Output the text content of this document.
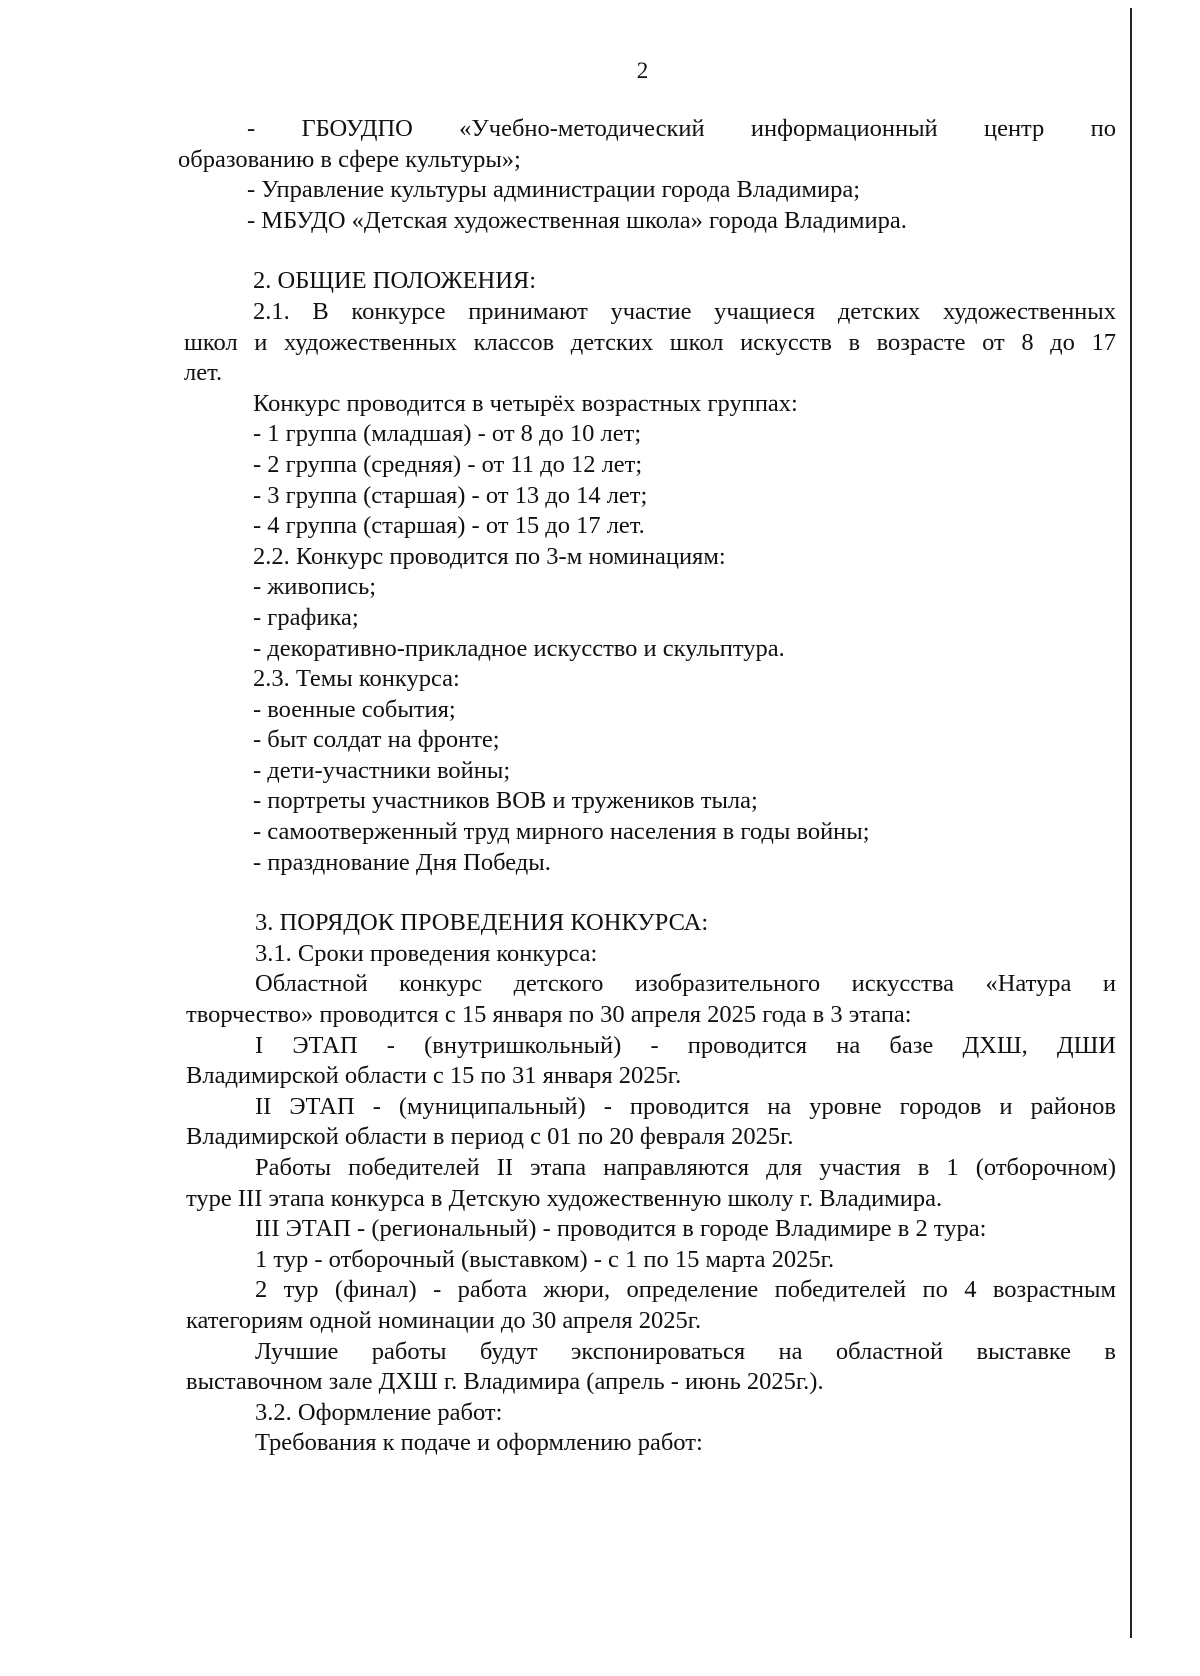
2

- ГБОУДПО «Учебно-методический информационный центр по

образованию в сфере культуры»;

- Управление культуры администрации города Владимира;

- МБУДО «Детская художественная школа» города Владимира.

2. ОБЩИЕ ПОЛОЖЕНИЯ:

2.1. В конкурсе принимают участие учащиеся детских художественных

школ и художественных классов детских школ искусств в возрасте от 8 до 17

лет.

Конкурс проводится в четырёх возрастных группах:

- 1 группа (младшая) - от 8 до 10 лет;

- 2 группа (средняя) - от 11 до 12 лет;

- 3 группа (старшая) - от 13 до 14 лет;

- 4 группа (старшая) - от 15 до 17 лет.

2.2. Конкурс проводится по 3-м номинациям:

- живопись;

- графика;

- декоративно-прикладное искусство и скульптура.

2.3. Темы конкурса:

- военные события;

- быт солдат на фронте;

- дети-участники войны;

- портреты участников ВОВ и тружеников тыла;

- самоотверженный труд мирного населения в годы войны;

- празднование Дня Победы.

3. ПОРЯДОК ПРОВЕДЕНИЯ КОНКУРСА:

3.1. Сроки проведения конкурса:

Областной конкурс детского изобразительного искусства «Натура и

творчество» проводится с 15 января по 30 апреля 2025 года в 3 этапа:

I ЭТАП - (внутришкольный) - проводится на базе ДХШ, ДШИ

Владимирской области с 15 по 31 января 2025г.

II ЭТАП - (муниципальный) - проводится на уровне городов и районов

Владимирской области в период с 01 по 20 февраля 2025г.

Работы победителей II этапа направляются для участия в 1 (отборочном)

туре III этапа конкурса в Детскую художественную школу г. Владимира.

III ЭТАП - (региональный) - проводится в городе Владимире в 2 тура:

1 тур - отборочный (выставком) - с 1 по 15 марта 2025г.

2 тур (финал) - работа жюри, определение победителей по 4 возрастным

категориям одной номинации до 30 апреля 2025г.

Лучшие работы будут экспонироваться на областной выставке в

выставочном зале ДХШ г. Владимира (апрель - июнь 2025г.).

3.2. Оформление работ:

Требования к подаче и оформлению работ:
